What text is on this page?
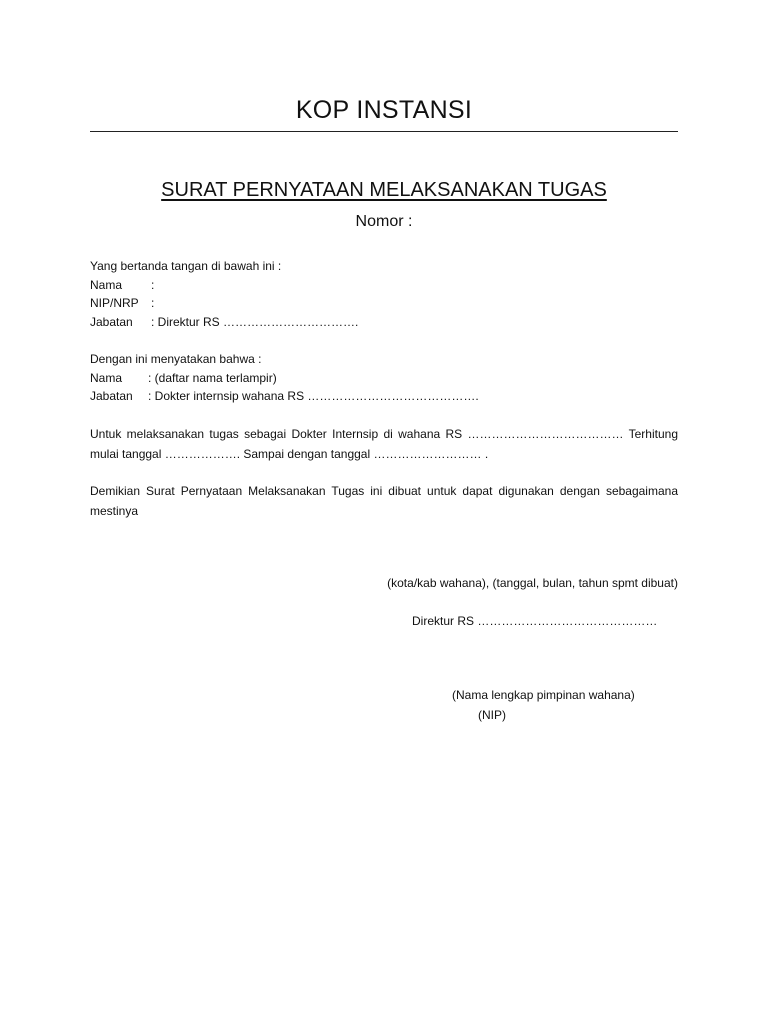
KOP INSTANSI
SURAT PERNYATAAN MELAKSANAKAN TUGAS
Nomor :
Yang bertanda tangan di bawah ini :
Nama	:
NIP/NRP	:
Jabatan	: Direktur RS …………………………….
Dengan ini menyatakan bahwa :
Nama	: (daftar nama terlampir)
Jabatan	: Dokter internsip wahana RS …………………………………….
Untuk melaksanakan tugas sebagai Dokter Internsip di wahana RS ………………………………… Terhitung mulai tanggal ………………. Sampai dengan tanggal ……………………… .
Demikian Surat Pernyataan Melaksanakan Tugas ini dibuat untuk dapat digunakan dengan sebagaimana mestinya
(kota/kab wahana), (tanggal, bulan, tahun spmt dibuat)
Direktur RS ………………………………………
(Nama lengkap pimpinan wahana)
(NIP)
